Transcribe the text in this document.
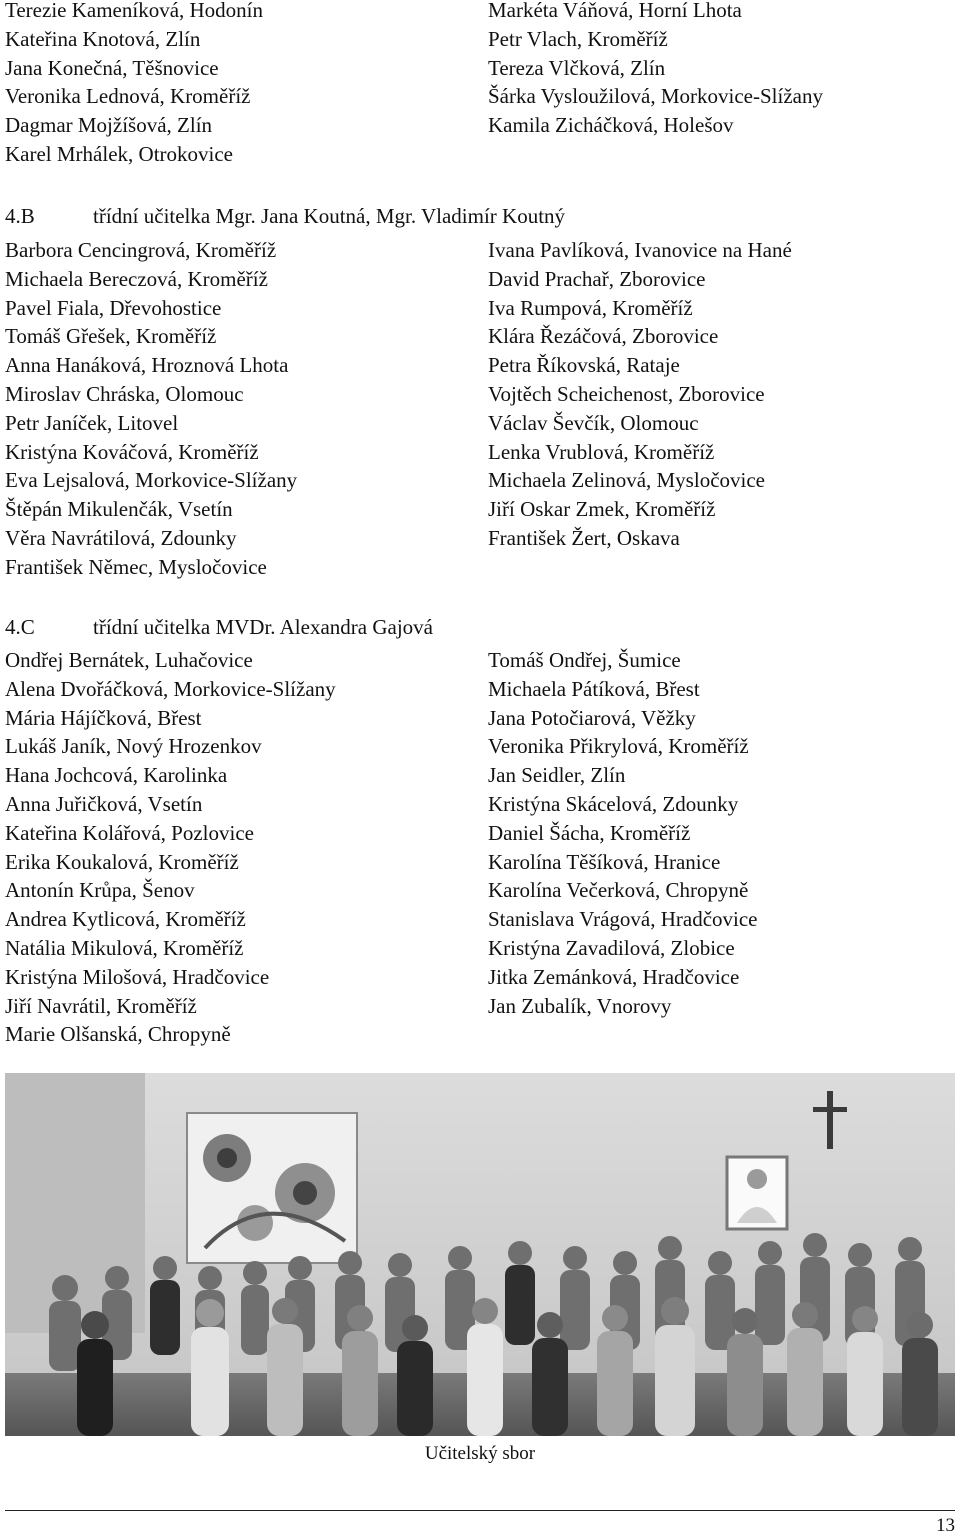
Terezie Kameníková, Hodonín
Kateřina Knotová, Zlín
Jana Konečná, Těšnovice
Veronika Lednová, Kroměříž
Dagmar Mojžíšová, Zlín
Karel Mrhálek, Otrokovice
Markéta Váňová, Horní Lhota
Petr Vlach, Kroměříž
Tereza Vlčková, Zlín
Šárka Vysloužilová, Morkovice-Slížany
Kamila Zicháčková, Holešov
4.B	třídní učitelka Mgr. Jana Koutná, Mgr. Vladimír Koutný
Barbora Cencingrová, Kroměříž
Michaela Bereczová, Kroměříž
Pavel Fiala, Dřevohostice
Tomáš Gřešek, Kroměříž
Anna Hanáková, Hroznová Lhota
Miroslav Chráska, Olomouc
Petr Janíček, Litovel
Kristýna Kováčová, Kroměříž
Eva Lejsalová, Morkovice-Slížany
Štěpán Mikulenčák, Vsetín
Věra Navrátilová, Zdounky
František Němec, Mysločovice
Ivana Pavlíková, Ivanovice na Hané
David Prachař, Zborovice
Iva Rumpová, Kroměříž
Klára Řezáčová, Zborovice
Petra Říkovská, Rataje
Vojtěch Scheichenost, Zborovice
Václav Ševčík, Olomouc
Lenka Vrublová, Kroměříž
Michaela Zelinová, Mysločovice
Jiří Oskar Zmek, Kroměříž
František Žert, Oskava
4.C	třídní učitelka MVDr. Alexandra Gajová
Ondřej Bernátek, Luhačovice
Alena Dvořáčková, Morkovice-Slížany
Mária Hájíčková, Břest
Lukáš Janík, Nový Hrozenkov
Hana Jochcová, Karolinka
Anna Juřičková, Vsetín
Kateřina Kolářová, Pozlovice
Erika Koukalová, Kroměříž
Antonín Krůpa, Šenov
Andrea Kytlicová, Kroměříž
Natália Mikulová, Kroměříž
Kristýna Milošová, Hradčovice
Jiří Navrátil, Kroměříž
Marie Olšanská, Chropyně
Tomáš Ondřej, Šumice
Michaela Pátíková, Břest
Jana Potočiarová, Věžky
Veronika Přikrylová, Kroměříž
Jan Seidler, Zlín
Kristýna Skácelová, Zdounky
Daniel Šácha, Kroměříž
Karolína Těšíková, Hranice
Karolína Večerková, Chropyně
Stanislava Vrágová, Hradčovice
Kristýna Zavadilová, Zlobice
Jitka Zemánková, Hradčovice
Jan Zubalík, Vnorovy
Učitelský sbor
13
